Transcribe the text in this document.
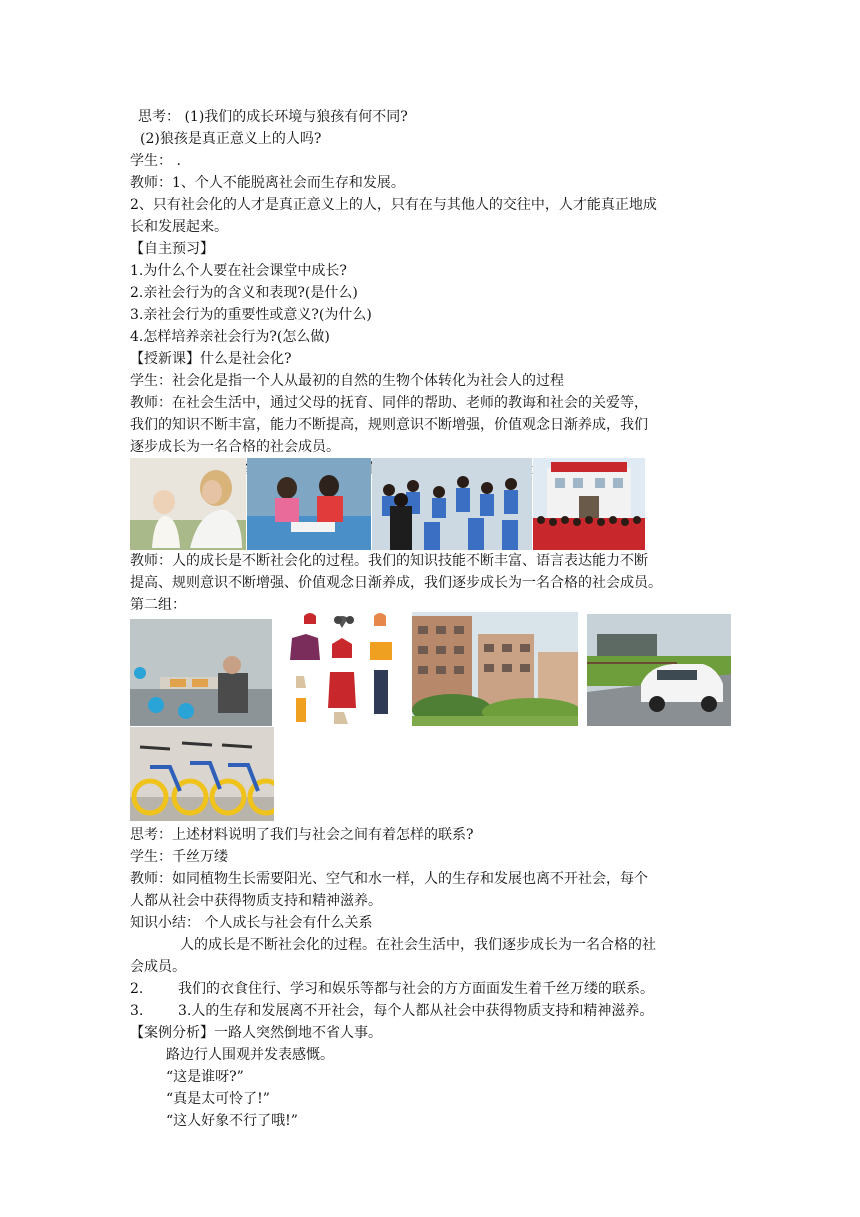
思考： (1)我们的成长环境与狼孩有何不同?
(2)狼孩是真正意义上的人吗?
学生： .
教师：1、个人不能脱离社会而生存和发展。
2、只有社会化的人才是真正意义上的人，只有在与其他人的交往中，人才能真正地成
长和发展起来。
【自主预习】
1.为什么个人要在社会课堂中成长?
2.亲社会行为的含义和表现?(是什么)
3.亲社会行为的重要性或意义?(为什么)
4.怎样培养亲社会行为?(怎么做)
【授新课】什么是社会化?
学生：社会化是指一个人从最初的自然的生物个体转化为社会人的过程
教师：在社会生活中，通过父母的抚育、同伴的帮助、老师的教诲和社会的关爱等，
我们的知识不断丰富，能力不断提高，规则意识不断增强，价值观念日渐养成，我们
逐步成长为一名合格的社会成员。
教师：人的成长是不断社会化的过程。我们的知识技能不断丰富、语言表达能力不断
提高、规则意识不断增强、价值观念日渐养成，我们逐步成长为一名合格的社会成员。
第二组：
思考：上述材料说明了我们与社会之间有着怎样的联系?
学生：千丝万缕
教师：如同植物生长需要阳光、空气和水一样，人的生存和发展也离不开社会，每个
人都从社会中获得物质支持和精神滋养。
知识小结： 个人成长与社会有什么关系
人的成长是不断社会化的过程。在社会生活中，我们逐步成长为一名合格的社
会成员。
2. 我们的衣食住行、学习和娱乐等都与社会的方方面面发生着千丝万缕的联系。
3. 3.人的生存和发展离不开社会，每个人都从社会中获得物质支持和精神滋养。
【案例分析】一路人突然倒地不省人事。
路边行人围观并发表感慨。
“这是谁呀?”
“真是太可怜了!”
“这人好象不行了哦!”
